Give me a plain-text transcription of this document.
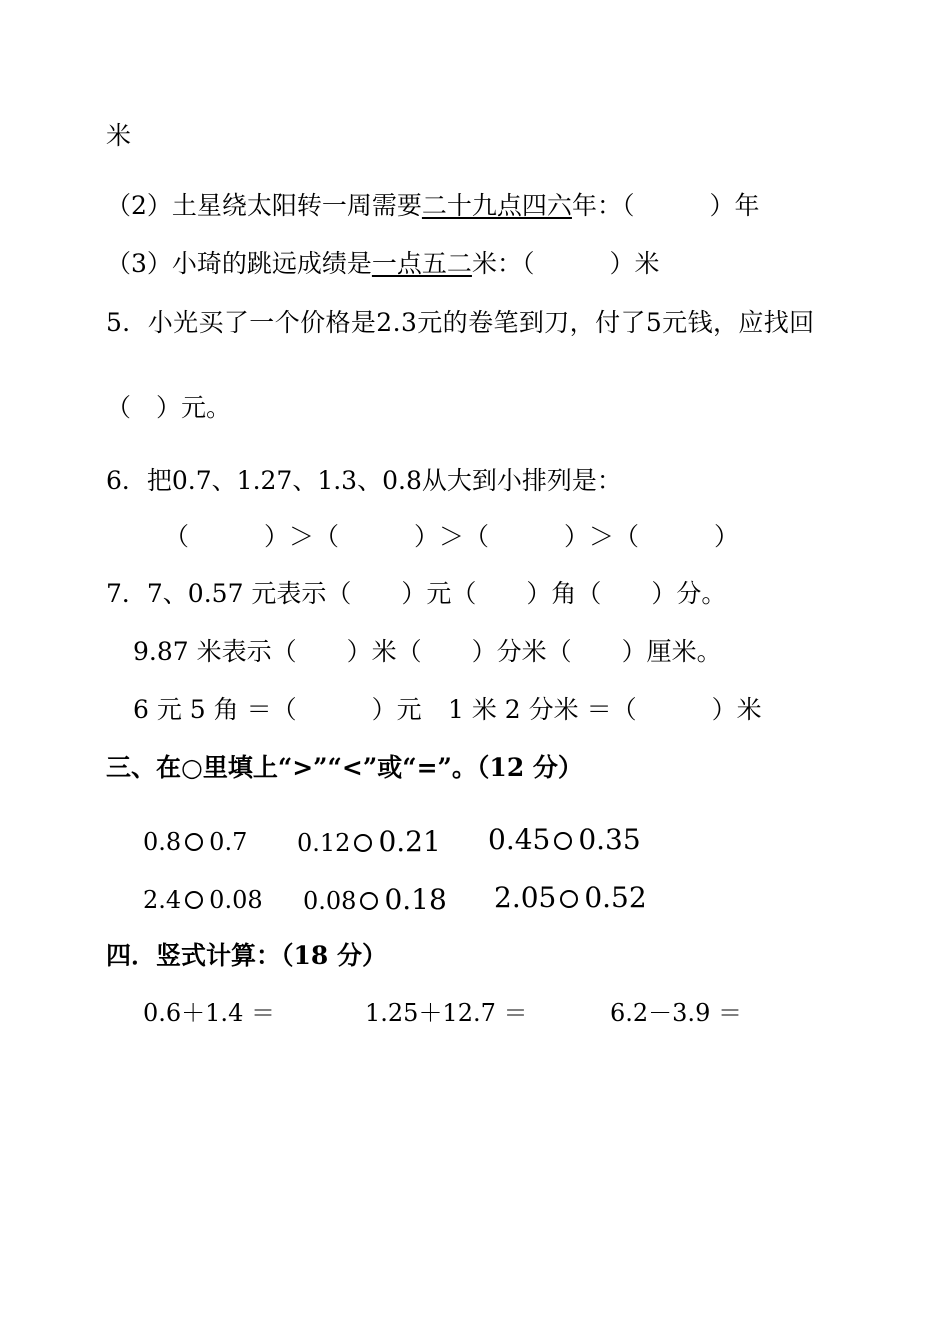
米
（2）土星绕太阳转一周需要二十九点四六年：（　　　）年
（3）小琦的跳远成绩是一点五二米：（　　　）米
5．小光买了一个价格是2.3元的卷笔到刀，付了5元钱，应找回
（　）元。
6．把0.7、1.27、1.3、0.8从大到小排列是：
（　　　）＞（　　　）＞（　　　）＞（　　　）
7．7、0.57 元表示（　　）元（　　）角（　　）分。
9.87 米表示（　　）米（　　）分米（　　）厘米。
6 元 5 角 ＝（　　　）元 1 米 2 分米 ＝（　　　）米
三、在○里填上“>”“<”或“=”。（12 分）
0.8 0.7 0.12 0.21 0.45 0.35
2.4 0.08 0.08 0.18 2.05 0.52
四．竖式计算：（18 分）
0.6＋1.4 ＝	1.25＋12.7 ＝	6.2－3.9 ＝
